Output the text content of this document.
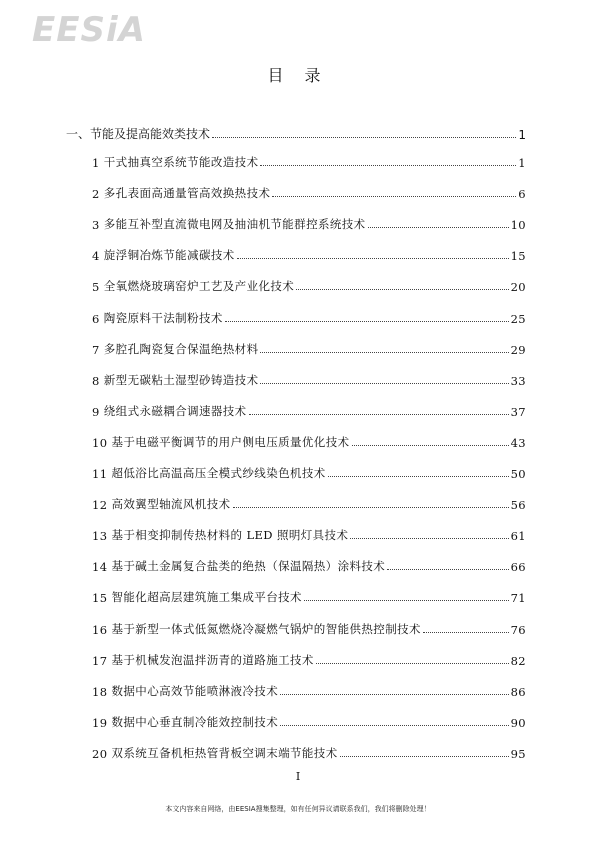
EESiA
目 录
一、节能及提高能效类技术	1
1 干式抽真空系统节能改造技术	1
2 多孔表面高通量管高效换热技术	6
3 多能互补型直流微电网及抽油机节能群控系统技术	10
4 旋浮铜冶炼节能减碳技术	15
5 全氧燃烧玻璃窑炉工艺及产业化技术	20
6 陶瓷原料干法制粉技术	25
7 多腔孔陶瓷复合保温绝热材料	29
8 新型无碳粘土湿型砂铸造技术	33
9 绕组式永磁耦合调速器技术	37
10 基于电磁平衡调节的用户侧电压质量优化技术	43
11 超低浴比高温高压全模式纱线染色机技术	50
12 高效翼型轴流风机技术	56
13 基于相变抑制传热材料的 LED 照明灯具技术	61
14 基于碱土金属复合盐类的绝热（保温隔热）涂料技术	66
15 智能化超高层建筑施工集成平台技术	71
16 基于新型一体式低氮燃烧冷凝燃气锅炉的智能供热控制技术	76
17 基于机械发泡温拌沥青的道路施工技术	82
18 数据中心高效节能喷淋液冷技术	86
19 数据中心垂直制冷能效控制技术	90
20 双系统互备机柜热管背板空调末端节能技术	95
I
本文内容来自网络，由EESIA搜集整理，如有任何异议请联系我们，我们将删除处理！
